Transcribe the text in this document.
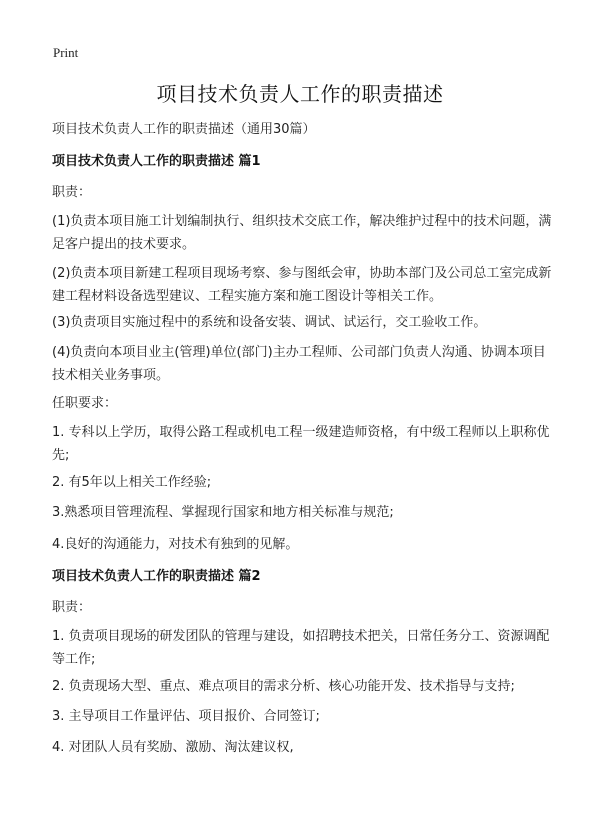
Print
项目技术负责人工作的职责描述
项目技术负责人工作的职责描述（通用30篇）
项目技术负责人工作的职责描述 篇1
职责：
(1)负责本项目施工计划编制执行、组织技术交底工作，解决维护过程中的技术问题，满足客户提出的技术要求。
(2)负责本项目新建工程项目现场考察、参与图纸会审，协助本部门及公司总工室完成新建工程材料设备选型建议、工程实施方案和施工图设计等相关工作。
(3)负责项目实施过程中的系统和设备安装、调试、试运行，交工验收工作。
(4)负责向本项目业主(管理)单位(部门)主办工程师、公司部门负责人沟通、协调本项目技术相关业务事项。
任职要求：
1. 专科以上学历，取得公路工程或机电工程一级建造师资格，有中级工程师以上职称优先;
2. 有5年以上相关工作经验;
3.熟悉项目管理流程、掌握现行国家和地方相关标准与规范;
4.良好的沟通能力，对技术有独到的见解。
项目技术负责人工作的职责描述 篇2
职责：
1. 负责项目现场的研发团队的管理与建设，如招聘技术把关，日常任务分工、资源调配等工作;
2. 负责现场大型、重点、难点项目的需求分析、核心功能开发、技术指导与支持;
3. 主导项目工作量评估、项目报价、合同签订;
4. 对团队人员有奖励、激励、淘汰建议权,
